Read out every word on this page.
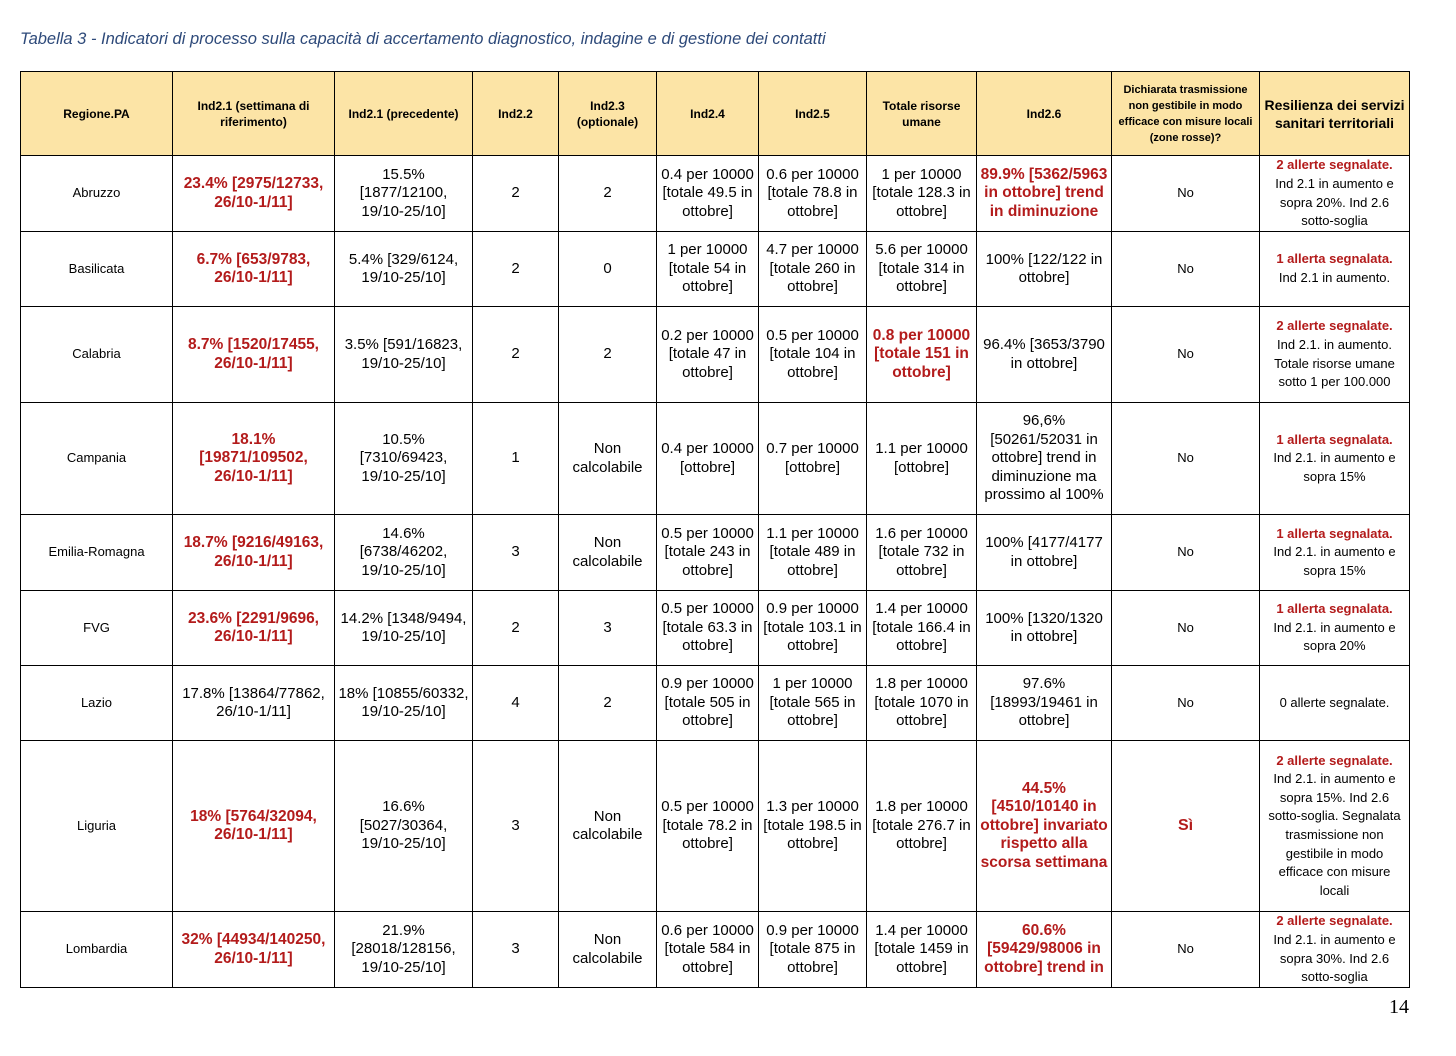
Tabella 3 - Indicatori di processo sulla capacità di accertamento diagnostico, indagine e di gestione dei contatti
Regione.PA	Ind2.1 (settimana di riferimento)	Ind2.1 (precedente)	Ind2.2	Ind2.3 (optionale)	Ind2.4	Ind2.5	Totale risorse umane	Ind2.6	Dichiarata trasmissione non gestibile in modo efficace con misure locali (zone rosse)?	Resilienza dei servizi sanitari territoriali
Abruzzo	23.4% [2975/12733, 26/10-1/11]	15.5% [1877/12100, 19/10-25/10]	2	2	0.4 per 10000 [totale 49.5 in ottobre]	0.6 per 10000 [totale 78.8 in ottobre]	1 per 10000 [totale 128.3 in ottobre]	89.9% [5362/5963 in ottobre] trend in diminuzione	No	2 allerte segnalate.
Ind 2.1 in aumento e sopra 20%. Ind 2.6 sotto-soglia

Basilicata	6.7% [653/9783, 26/10-1/11]	5.4% [329/6124, 19/10-25/10]	2	0	1 per 10000 [totale 54 in ottobre]	4.7 per 10000 [totale 260 in ottobre]	5.6 per 10000 [totale 314 in ottobre]	100% [122/122 in ottobre]	No	1 allerta segnalata.
Ind 2.1 in aumento.

Calabria	8.7% [1520/17455, 26/10-1/11]	3.5% [591/16823, 19/10-25/10]	2	2	0.2 per 10000 [totale 47 in ottobre]	0.5 per 10000 [totale 104 in ottobre]	0.8 per 10000 [totale 151 in ottobre]	96.4% [3653/3790 in ottobre]	No	2 allerte segnalate.
Ind 2.1. in aumento. Totale risorse umane sotto 1 per 100.000

Campania	18.1% [19871/109502, 26/10-1/11]	10.5% [7310/69423, 19/10-25/10]	1	Non calcolabile	0.4 per 10000 [ottobre]	0.7 per 10000 [ottobre]	1.1 per 10000 [ottobre]	96,6% [50261/52031 in ottobre] trend in diminuzione ma prossimo al 100%	No	1 allerta segnalata.
Ind 2.1. in aumento e sopra 15%

Emilia-Romagna	18.7% [9216/49163, 26/10-1/11]	14.6% [6738/46202, 19/10-25/10]	3	Non calcolabile	0.5 per 10000 [totale 243 in ottobre]	1.1 per 10000 [totale 489 in ottobre]	1.6 per 10000 [totale 732 in ottobre]	100% [4177/4177 in ottobre]	No	1 allerta segnalata.
Ind 2.1. in aumento e sopra 15%

FVG	23.6% [2291/9696, 26/10-1/11]	14.2% [1348/9494, 19/10-25/10]	2	3	0.5 per 10000 [totale 63.3 in ottobre]	0.9 per 10000 [totale 103.1 in ottobre]	1.4 per 10000 [totale 166.4 in ottobre]	100% [1320/1320 in ottobre]	No	1 allerta segnalata.
Ind 2.1. in aumento e sopra 20%

Lazio	17.8% [13864/77862, 26/10-1/11]	18% [10855/60332, 19/10-25/10]	4	2	0.9 per 10000 [totale 505 in ottobre]	1 per 10000 [totale 565 in ottobre]	1.8 per 10000 [totale 1070 in ottobre]	97.6% [18993/19461 in ottobre]	No	0 allerte segnalate.

Liguria	18% [5764/32094, 26/10-1/11]	16.6% [5027/30364, 19/10-25/10]	3	Non calcolabile	0.5 per 10000 [totale 78.2 in ottobre]	1.3 per 10000 [totale 198.5 in ottobre]	1.8 per 10000 [totale 276.7 in ottobre]	44.5% [4510/10140 in ottobre] invariato rispetto alla scorsa settimana	Sì	2 allerte segnalate.
Ind 2.1. in aumento e sopra 15%. Ind 2.6 sotto-soglia. Segnalata trasmissione non gestibile in modo efficace con misure locali

Lombardia	32% [44934/140250, 26/10-1/11]	21.9% [28018/128156, 19/10-25/10]	3	Non calcolabile	0.6 per 10000 [totale 584 in ottobre]	0.9 per 10000 [totale 875 in ottobre]	1.4 per 10000 [totale 1459 in ottobre]	60.6% [59429/98006 in ottobre] trend in	No	2 allerte segnalate.
Ind 2.1. in aumento e sopra 30%. Ind 2.6 sotto-soglia
14
